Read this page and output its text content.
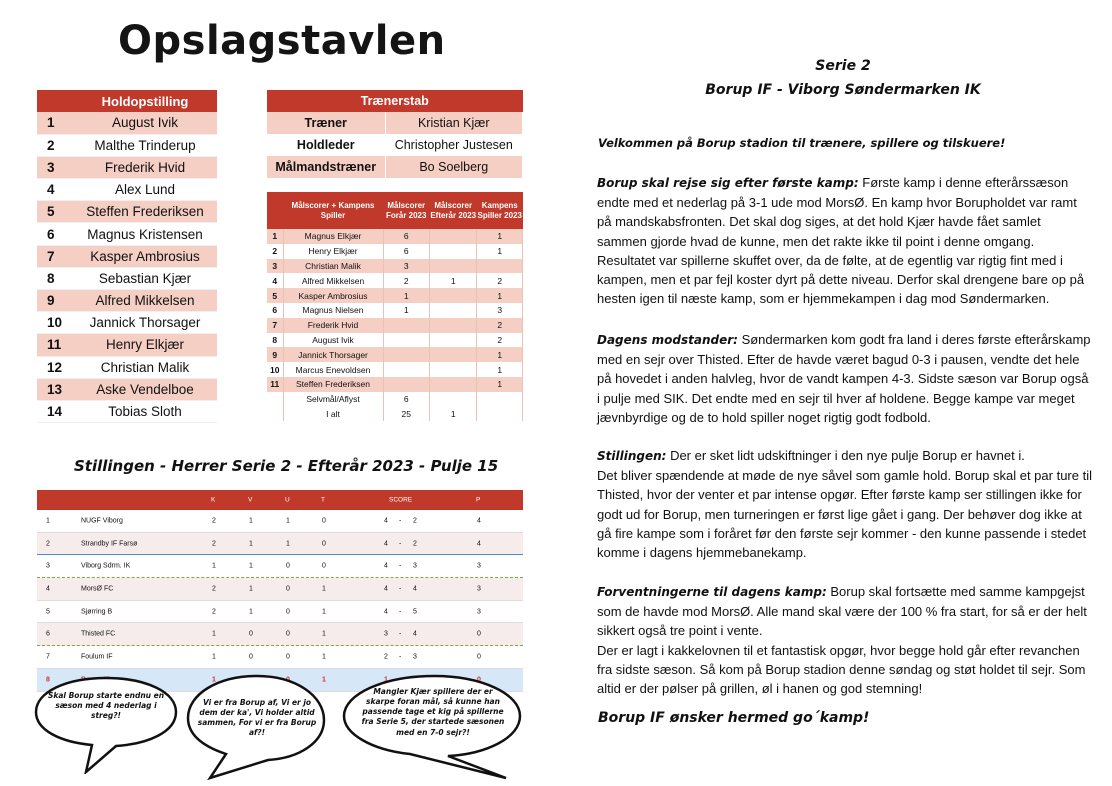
Opslagstavlen
	Holdopstilling
1	August Ivik
2	Malthe Trinderup
3	Frederik Hvid
4	Alex Lund
5	Steffen Frederiksen
6	Magnus Kristensen
7	Kasper Ambrosius
8	Sebastian Kjær
9	Alfred Mikkelsen
10	Jannick Thorsager
11	Henry Elkjær
12	Christian Malik
13	Aske Vendelboe
14	Tobias Sloth
Trænerstab	
Træner	Kristian Kjær
Holdleder	Christopher Justesen
Målmandstræner	Bo Soelberg
	Målscorer + Kampens Spiller	Målscorer Forår 2023	Målscorer Efterår 2023	Kampens Spiller 2023
1	Magnus Elkjær	6		1
2	Henry Elkjær	6		1
3	Christian Malik	3		
4	Alfred Mikkelsen	2	1	2
5	Kasper Ambrosius	1		1
6	Magnus Nielsen	1		3
7	Frederik Hvid			2
8	August Ivik			2
9	Jannick Thorsager			1
10	Marcus Enevoldsen			1
11	Steffen Frederiksen			1
	Selvmål/Aflyst	6		
	I alt	25	1	
Stillingen - Herrer Serie 2 - Efterår 2023 - Pulje 15
K	V	U	T	SCORE	P
1	NUGF Viborg	2	1	1	0	4 - 2	4
2	Strandby IF Farsø	2	1	1	0	4 - 2	4
3	Viborg Sdrm. IK	1	1	0	0	4 - 3	3
4	MorsØ FC	2	1	0	1	4 - 4	3
5	Sjørring B	2	1	0	1	4 - 5	3
6	Thisted FC	1	0	0	1	3 - 4	0
7	Foulum IF	1	0	0	1	2 - 3	0
8	1	1	1	0
Skal Borup starte endnu en sæson med 4 nederlag i streg?!
Vi er fra Borup af, Vi er jo dem der ka', Vi holder altid sammen, For vi er fra Borup af?!
Mangler Kjær spillere der er skarpe foran mål, så kunne han passende tage et kig på spillerne fra Serie 5, der startede sæsonen med en 7-0 sejr?!
Serie 2
Borup IF - Viborg Søndermarken IK
Velkommen på Borup stadion til trænere, spillere og tilskuere!
Borup skal rejse sig efter første kamp: Første kamp i denne efterårssæson endte med et nederlag på 3-1 ude mod MorsØ. En kamp hvor Borupholdet var ramt på mandskabsfronten. Det skal dog siges, at det hold Kjær havde fået samlet sammen gjorde hvad de kunne, men det rakte ikke til point i denne omgang.
Resultatet var spillerne skuffet over, da de følte, at de egentlig var rigtig fint med i kampen, men et par fejl koster dyrt på dette niveau. Derfor skal drengene bare op på hesten igen til næste kamp, som er hjemmekampen i dag mod Søndermarken.
Dagens modstander: Søndermarken kom godt fra land i deres første efterårskamp med en sejr over Thisted. Efter de havde været bagud 0-3 i pausen, vendte det hele på hovedet i anden halvleg, hvor de vandt kampen 4-3. Sidste sæson var Borup også i pulje med SIK. Det endte med en sejr til hver af holdene. Begge kampe var meget jævnbyrdige og de to hold spiller noget rigtig godt fodbold.
Stillingen: Der er sket lidt udskiftninger i den nye pulje Borup er havnet i.
Det bliver spændende at møde de nye såvel som gamle hold. Borup skal et par ture til Thisted, hvor der venter et par intense opgør. Efter første kamp ser stillingen ikke for godt ud for Borup, men turneringen er først lige gået i gang. Der behøver dog ikke at gå fire kampe som i foråret før den første sejr kommer - den kunne passende i stedet komme i dagens hjemmebanekamp.
Forventningerne til dagens kamp: Borup skal fortsætte med samme kampgejst som de havde mod MorsØ. Alle mand skal være der 100 % fra start, for så er der helt sikkert også tre point i vente.
Der er lagt i kakkelovnen til et fantastisk opgør, hvor begge hold går efter revanchen fra sidste sæson. Så kom på Borup stadion denne søndag og støt holdet til sejr. Som altid er der pølser på grillen, øl i hanen og god stemning!
Borup IF ønsker hermed go´kamp!
